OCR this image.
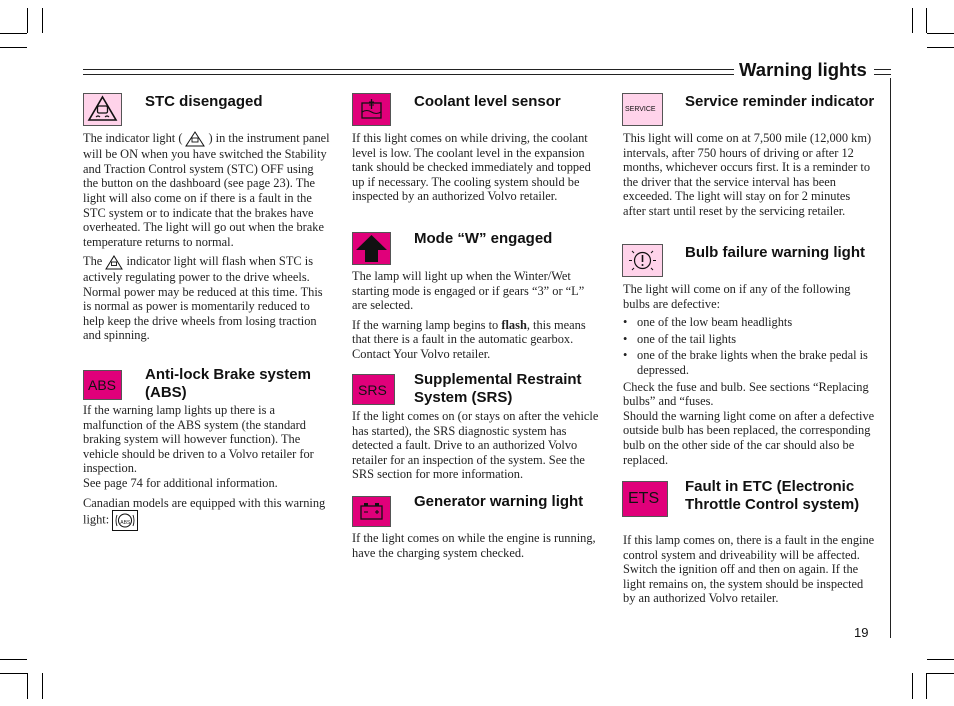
Warning lights
STC disengaged

The indicator light ( ) in the instrument panel will be ON when you have switched the Stability and Traction Control system (STC) OFF using the button on the dashboard (see page 23). The light will also come on if there is a fault in the STC system or to indicate that the brakes have overheated. The light will go out when the brake temperature returns to normal.

The indicator light will flash when STC is actively regulating power to the drive wheels. Normal power may be reduced at this time. This is normal as power is momentarily reduced to help keep the drive wheels from losing traction and spinning.

ABS
Anti-lock Brake system (ABS)

If the warning lamp lights up there is a malfunction of the ABS system (the standard braking system will however function). The vehicle should be driven to a Volvo retailer for inspection.

See page 74 for additional information.

Canadian models are equipped with this warning light: ABS

Coolant level sensor

If this light comes on while driving, the coolant level is low. The coolant level in the expansion tank should be checked immediately and topped up if necessary. The cooling system should be inspected by an authorized Volvo retailer.

Mode “W” engaged

The lamp will light up when the Winter/Wet starting mode is engaged or if gears “3” or “L” are selected.

If the warning lamp begins to flash, this means that there is a fault in the automatic gearbox. Contact Your Volvo retailer.

SRS
Supplemental Restraint System (SRS)

If the light comes on (or stays on after the vehicle has started), the SRS diagnostic system has detected a fault. Drive to an authorized Volvo retailer for an inspection of the system. See the SRS section for more information.

Generator warning light

If the light comes on while the engine is running, have the charging system checked.

SERVICE Service reminder indicator

This light will come on at 7,500 mile (12,000 km) intervals, after 750 hours of driving or after 12 months, whichever occurs first. It is a reminder to the driver that the service interval has been exceeded. The light will stay on for 2 minutes after start until reset by the servicing retailer.

Bulb failure warning light

The light will come on if any of the following bulbs are defective:

• one of the low beam headlights
• one of the tail lights
• one of the brake lights when the brake pedal is depressed.

Check the fuse and bulb. See sections “Replacing bulbs” and “fuses.

Should the warning light come on after a defective outside bulb has been replaced, the corresponding bulb on the other side of the car should also be replaced.

ETS
Fault in ETC (Electronic Throttle Control system)

If this lamp comes on, there is a fault in the engine control system and driveability will be affected. Switch the ignition off and then on again. If the light remains on, the system should be inspected by an authorized Volvo retailer.

19
